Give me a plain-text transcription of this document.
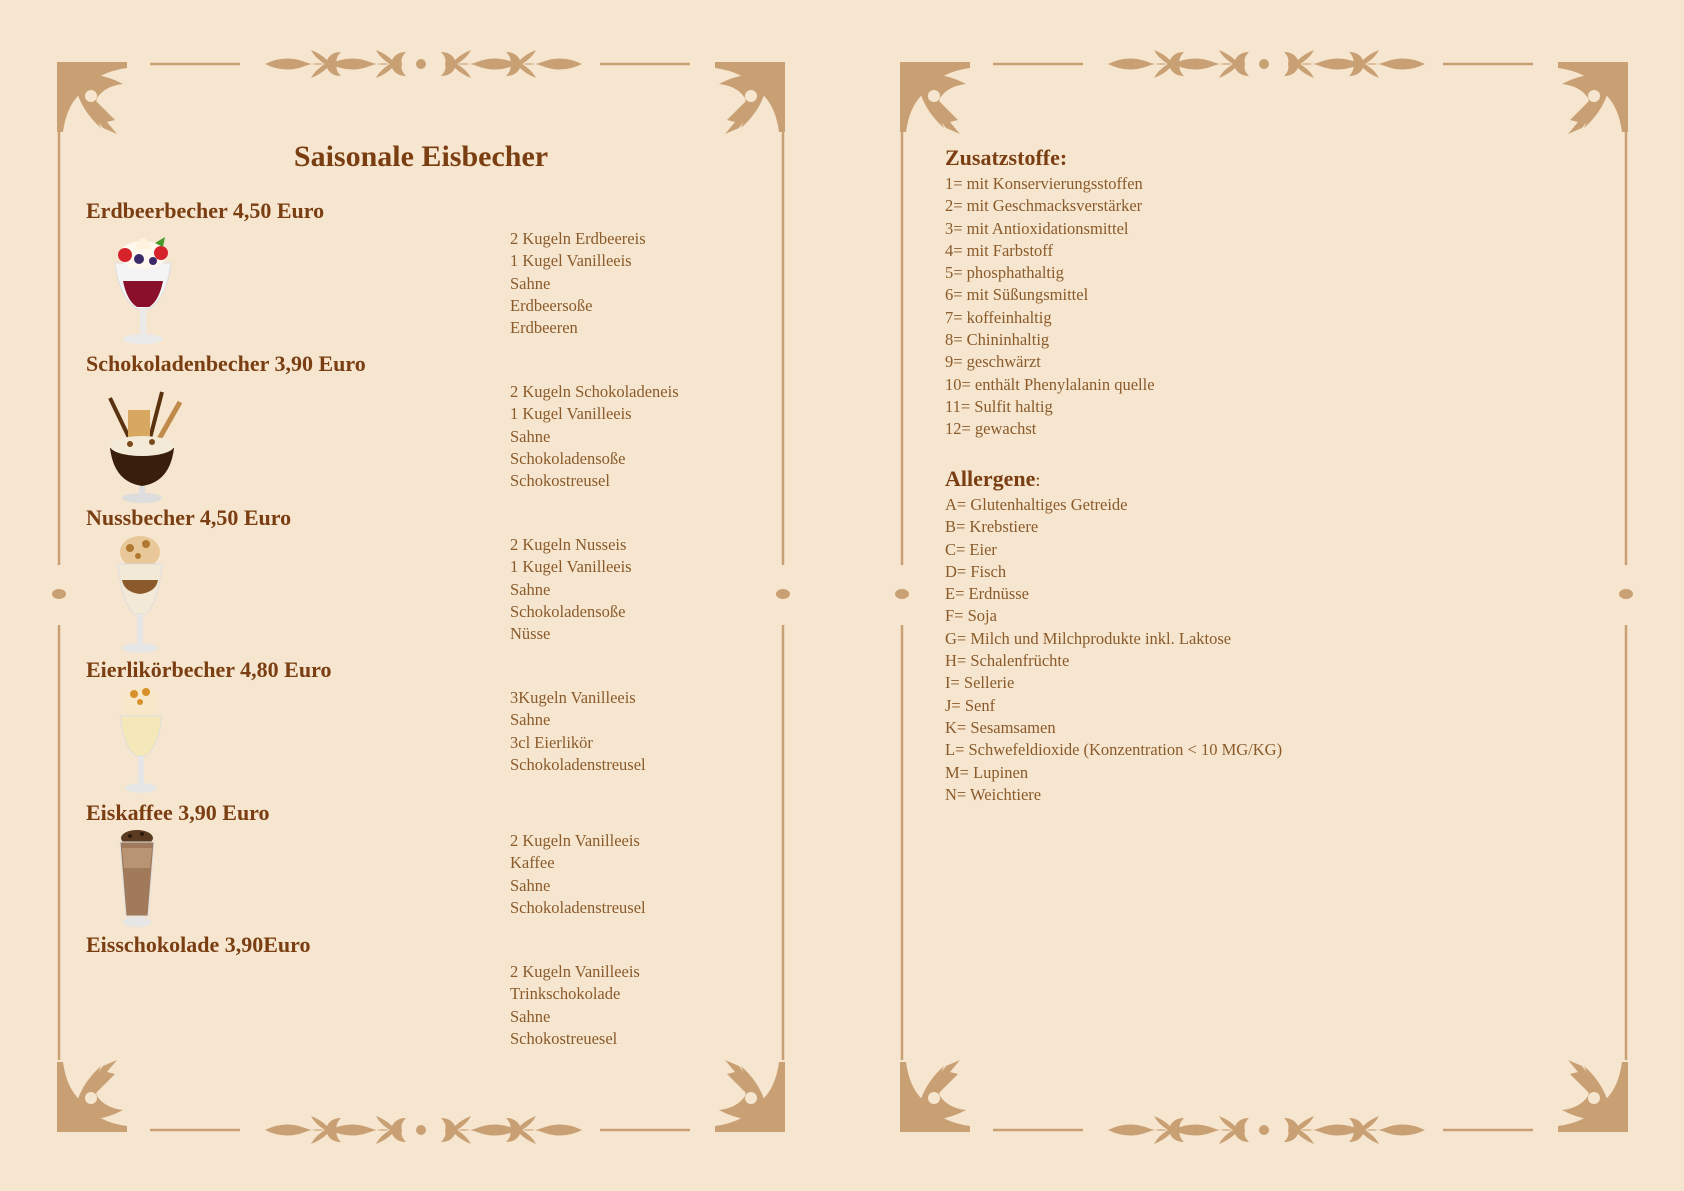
Saisonale Eisbecher
Erdbeerbecher 4,50 Euro
2 Kugeln Erdbeereis
1 Kugel Vanilleeis
Sahne
Erdbeersoße
Erdbeeren
Schokoladenbecher 3,90 Euro
2 Kugeln Schokoladeneis
1 Kugel Vanilleeis
Sahne
Schokoladensoße
Schokostreusel
Nussbecher 4,50 Euro
2 Kugeln Nusseis
1 Kugel Vanilleeis
Sahne
Schokoladensoße
Nüsse
Eierlikörbecher 4,80 Euro
3Kugeln Vanilleeis
Sahne
3cl Eierlikör
Schokoladenstreusel
Eiskaffee 3,90 Euro
2 Kugeln Vanilleeis
Kaffee
Sahne
Schokoladenstreusel
Eisschokolade 3,90Euro
2 Kugeln Vanilleeis
Trinkschokolade
Sahne
Schokostreuesel
Zusatzstoffe:
1= mit Konservierungsstoffen
2= mit Geschmacksverstärker
3= mit Antioxidationsmittel
4= mit Farbstoff
5= phosphathaltig
6= mit Süßungsmittel
7= koffeinhaltig
8= Chininhaltig
9= geschwärzt
10= enthält Phenylalanin quelle
11= Sulfit haltig
12= gewachst
Allergene:
A= Glutenhaltiges Getreide
B= Krebstiere
C= Eier
D= Fisch
E= Erdnüsse
F= Soja
G= Milch und Milchprodukte inkl. Laktose
H= Schalenfrüchte
I= Sellerie
J= Senf
K= Sesamsamen
L= Schwefeldioxide (Konzentration < 10 MG/KG)
M= Lupinen
N= Weichtiere
